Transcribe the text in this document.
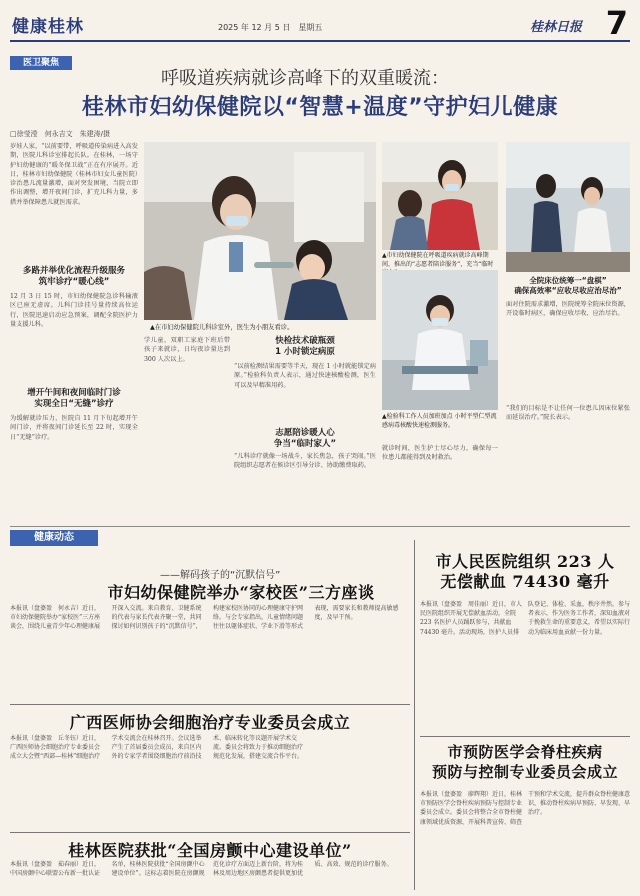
健康桂林	2025 年 12 月 5 日　星期五	桂林日报 7
医卫聚焦
呼吸道疾病就诊高峰下的双重暖流：
桂林市妇幼保健院以“智慧+温度”守护妇儿健康
□徐莹滢　何永吉文　朱建涛/摄
岁娃人家，“以前要带，呼吸道传染病进入高发期，医院儿科诊室排起长队。在桂林，一场守护妇幼健康的“暖冬保卫战”正在有序展开。近日，桂林市妇幼保健院（桂林市妇女儿童医院）诊治患儿流量激增，面对突发困境，当院立即作出调整，增开夜间门诊，扩充儿科力量，多措并举保障患儿就医需求。
多路并举优化流程升级服务
筑牢诊疗“暖心线”
12 月 3 日 15 时，市妇幼保健院急诊科输液区已座无虚席。儿科门诊挂号量持续高位运行，医院迅速启动应急预案，调配全院医护力量支援儿科。
增开午间和夜间临时门诊
实现全日“无缝”诊疗
为缓解就诊压力，医院自 11 月下旬起增开午间门诊，并将夜间门诊延长至 22 时，实现全日“无缝”诊疗。
▲在市妇幼保健院儿科诊室外，医生为小朋友看诊。
▲市妇幼保健院在呼吸道疾病就诊高峰期间，推出的“志愿者陪诊服务”，充当“临时
快检技术破瓶颈
1 小时锁定病原
学儿童，双职工家庭下班后带孩子来就诊，日均夜诊量达到 300 人次以上。
“以前检测结果需要等半天，现在 1 小时就能锁定病原。”检验科负责人表示，通过快速核酸检测，医生可以及早精准用药。
志愿陪诊暖人心
争当“临时家人”
“儿科诊疗就像一场战斗，家长焦急，孩子哭闹。”医院组织志愿者在候诊区引导分诊、协助缴费取药。
▲检验科工作人员加班加点 小时平型仁型流感病毒核酸快速检测服务。
就诊时间，医生护士尽心尽力，确保每一位患儿都能得到及时救治。
全院床位统筹一“盘棋”
确保高效率“应收尽收应治尽治”
面对住院需求激增，医院统筹全院床位资源，开设临时病区，确保应收尽收、应治尽治。
“我们的目标是不让任何一位患儿因床位紧张而延误治疗。”院长表示。
健康动态
——解码孩子的“沉默信号”
市妇幼保健院举办“家校医”三方座谈
本报讯（盘婆盈　何永吉）近日，市妇幼保健院举办“家校医”三方座谈会，围绕儿童青少年心理健康展开深入交流。来自教育、卫健系统的代表与家长代表齐聚一堂，共同探讨如何识别孩子的“沉默信号”，构建家校医协同的心理健康守护网络。与会专家指出，儿童情绪问题往往以躯体症状、学业下滑等形式表现，需要家长和教师提高敏感度，及早干预。
市人民医院组织 223 人
无偿献血 74430 毫升
本报讯（盘婆盈　周佳丽）近日，市人民医院组织开展无偿献血活动，全院 223 名医护人员踊跃参与，共献血 74430 毫升。活动现场，医护人员排队登记、体检、采血，秩序井然。参与者表示，作为医务工作者，深知血液对于挽救生命的重要意义，希望以实际行动为临床用血贡献一份力量。
广西医师协会细胞治疗专业委员会成立
本报讯（盘婆盈　丘冬钰）近日，广西医师协会细胞治疗专业委员会成立大会暨“西部—桂林”细胞治疗学术交流会在桂林召开。会议选举产生了首届委员会成员，来自区内外的专家学者围绕细胞治疗前沿技术、临床转化等议题开展学术交流。委员会将致力于推动细胞治疗规范化发展，搭建交流合作平台。	市预防医学会脊柱疾病
预防与控制专业委员会成立
本报讯（盘婆盈　廖辉翔）近日，桂林市预防医学会脊柱疾病预防与控制专业委员会成立。委员会将整合全市脊柱健康领域优质资源，开展科普宣传、筛查干预和学术交流，提升群众脊柱健康意识，推动脊柱疾病早预防、早发现、早治疗。
桂林医院获批“全国房颤中心建设单位”
本报讯（盘婆盈　茹春丽）近日，中国房颤中心联盟公布新一批认证名单，桂林医院获批“全国房颤中心建设单位”。这标志着医院在房颤规范化诊疗方面迈上新台阶，将为桂林及周边地区房颤患者提供更加优质、高效、规范的诊疗服务。
